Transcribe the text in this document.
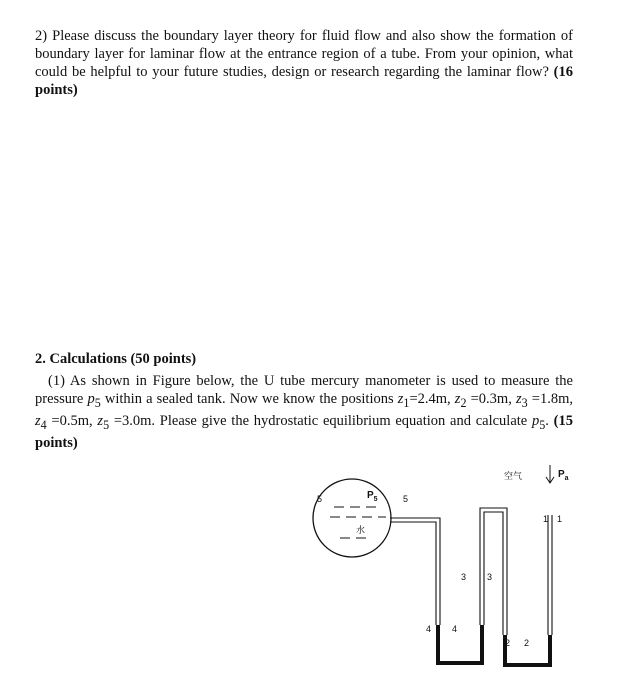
2) Please discuss the boundary layer theory for fluid flow and also show the formation of boundary layer for laminar flow at the entrance region of a tube. From your opinion, what could be helpful to your future studies, design or research regarding the laminar flow? (16 points)
2. Calculations (50 points)
(1) As shown in Figure below, the U tube mercury manometer is used to measure the pressure $p_5$ within a sealed tank. Now we know the positions $z_1=2.4m$, $z_2 =0.3m$, $z_3 =1.8m$, $z_4 =0.5m$, $z_5 =3.0m$. Please give the hydrostatic equilibrium equation and calculate $p_5$. (15 points)
$P_5$
水
空气	$P_a$
5	5
1 1
3 3
4 4
2 2
